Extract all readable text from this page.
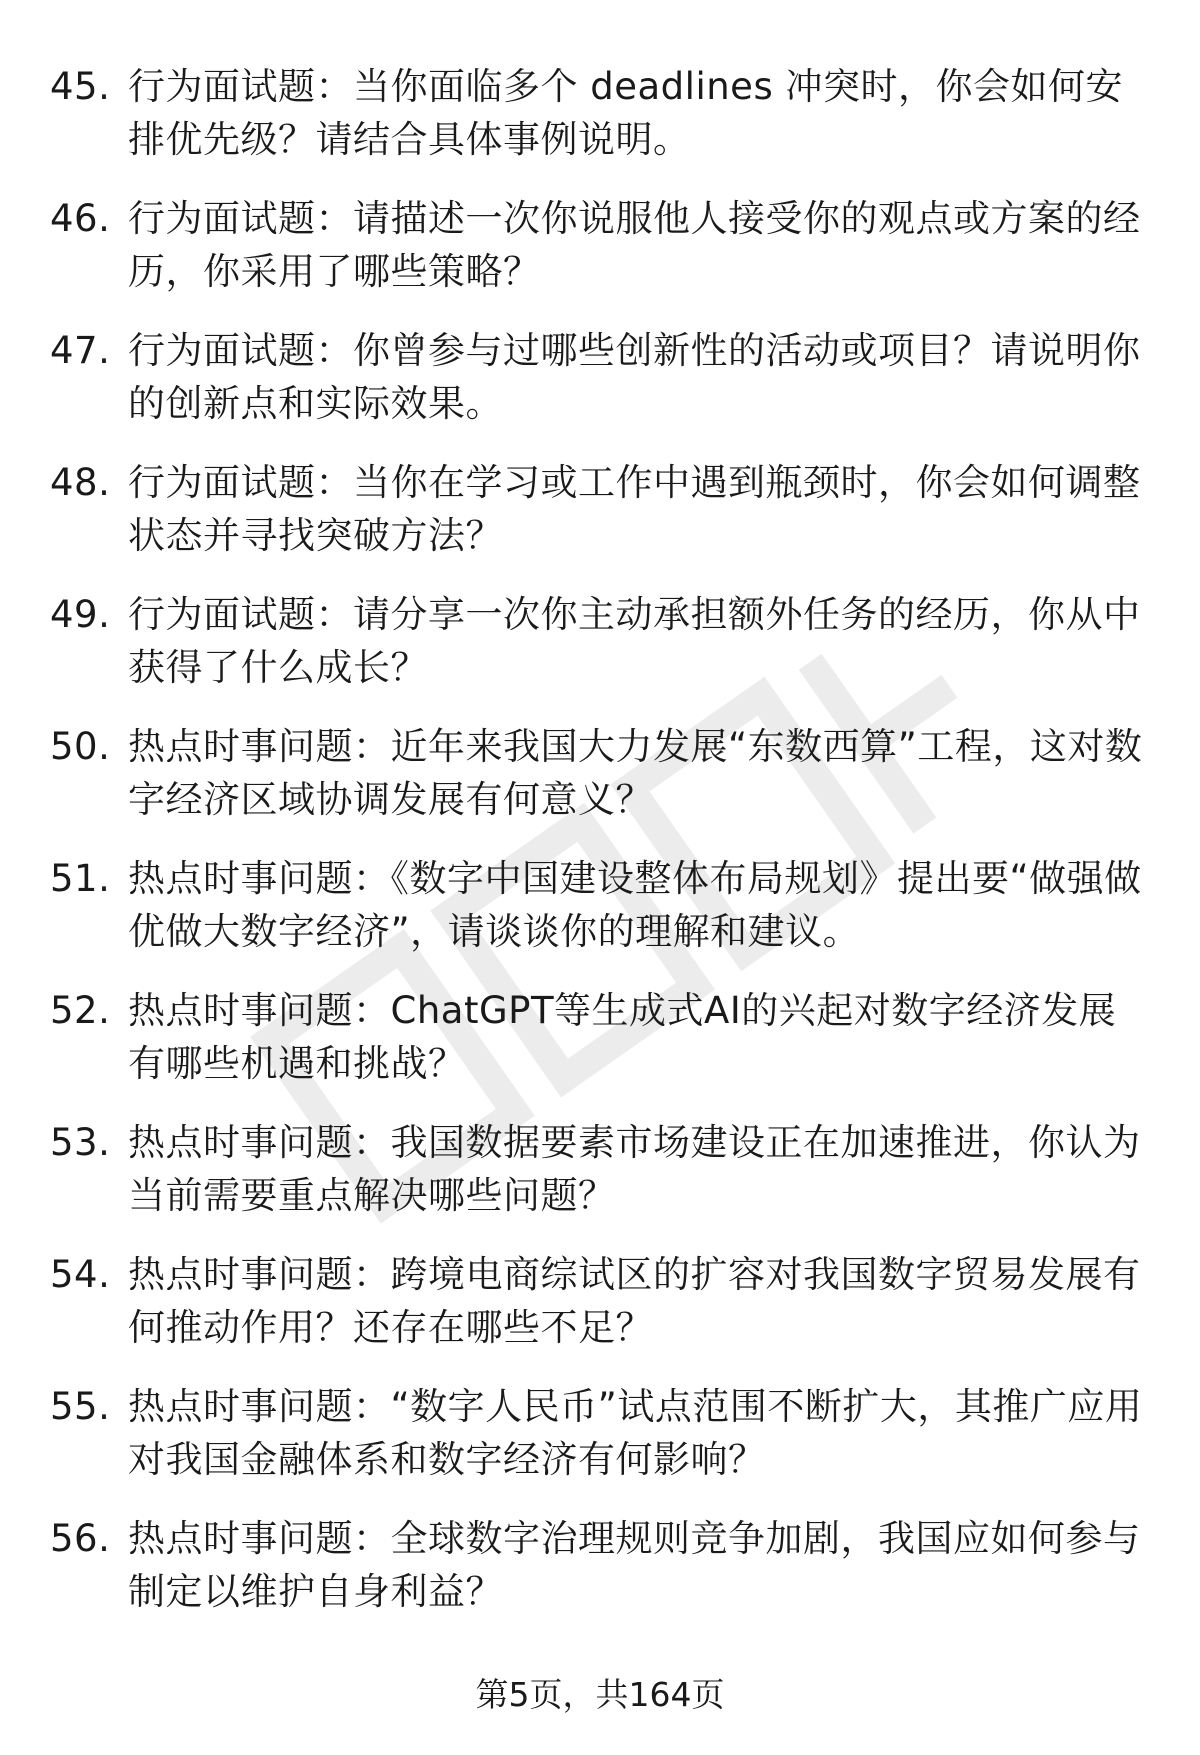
45. 行为面试题：当你面临多个 deadlines 冲突时，你会如何安排优先级？请结合具体事例说明。
46. 行为面试题：请描述一次你说服他人接受你的观点或方案的经历，你采用了哪些策略？
47. 行为面试题：你曾参与过哪些创新性的活动或项目？请说明你的创新点和实际效果。
48. 行为面试题：当你在学习或工作中遇到瓶颈时，你会如何调整状态并寻找突破方法？
49. 行为面试题：请分享一次你主动承担额外任务的经历，你从中获得了什么成长？
50. 热点时事问题：近年来我国大力发展“东数西算”工程，这对数字经济区域协调发展有何意义？
51. 热点时事问题：《数字中国建设整体布局规划》提出要“做强做优做大数字经济”，请谈谈你的理解和建议。
52. 热点时事问题：ChatGPT等生成式AI的兴起对数字经济发展有哪些机遇和挑战？
53. 热点时事问题：我国数据要素市场建设正在加速推进，你认为当前需要重点解决哪些问题？
54. 热点时事问题：跨境电商综试区的扩容对我国数字贸易发展有何推动作用？还存在哪些不足？
55. 热点时事问题：“数字人民币”试点范围不断扩大，其推广应用对我国金融体系和数字经济有何影响？
56. 热点时事问题：全球数字治理规则竞争加剧，我国应如何参与制定以维护自身利益？
第5页，共164页
